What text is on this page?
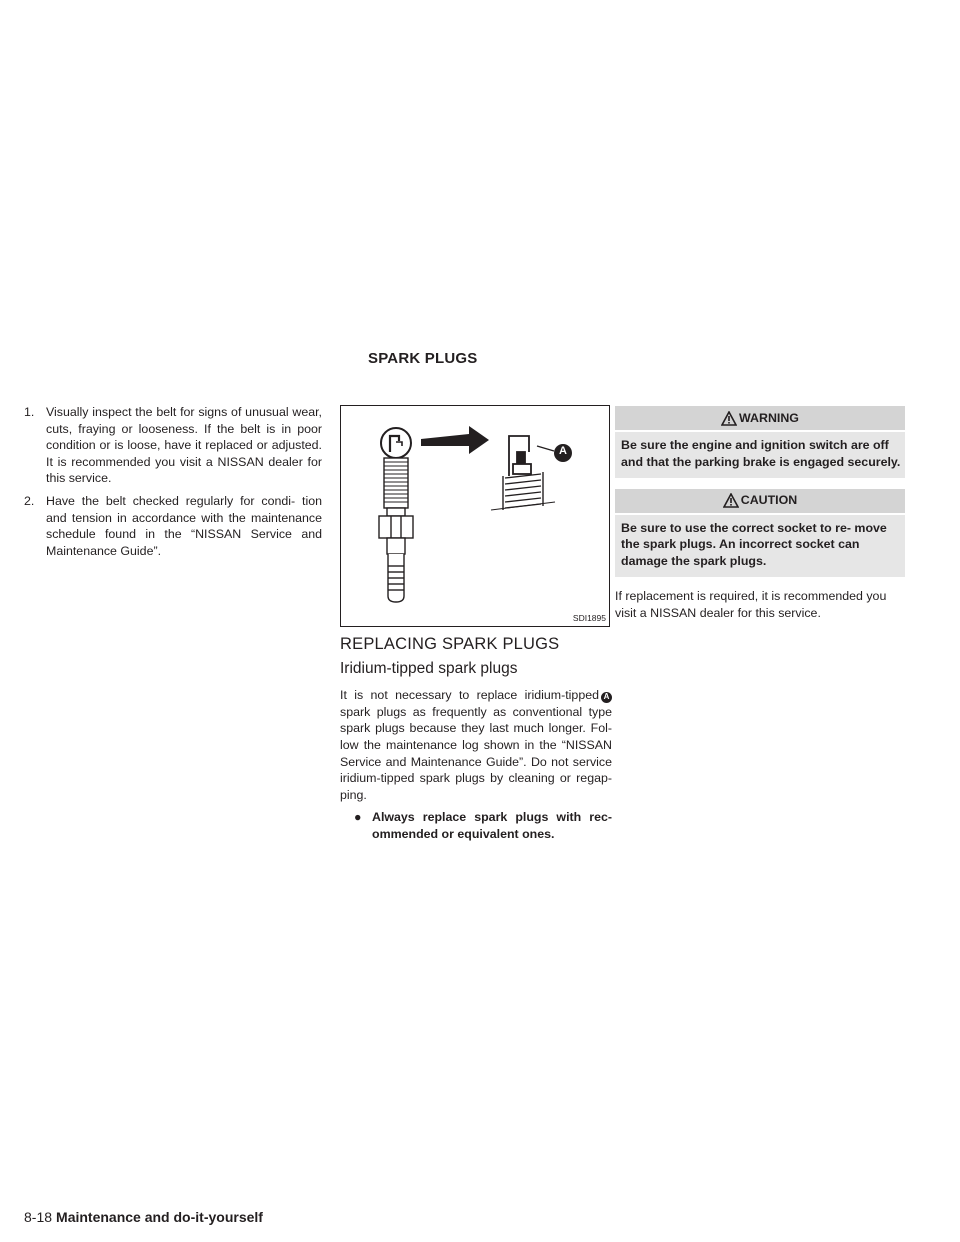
SPARK PLUGS
1. Visually inspect the belt for signs of unusual wear, cuts, fraying or looseness. If the belt is in poor condition or is loose, have it replaced or adjusted. It is recommended you visit a NISSAN dealer for this service.
2. Have the belt checked regularly for condi- tion and tension in accordance with the maintenance schedule found in the “NISSAN Service and Maintenance Guide”.
A
SDI1895
REPLACING SPARK PLUGS
Iridium-tipped spark plugs

It is not necessary to replace iridium-tipped A spark plugs as frequently as conventional type spark plugs because they last much longer. Fol- low the maintenance log shown in the “NISSAN Service and Maintenance Guide”. Do not service iridium-tipped spark plugs by cleaning or regap- ping.

● Always replace spark plugs with rec- ommended or equivalent ones.
WARNING
Be sure the engine and ignition switch are off and that the parking brake is engaged securely.
CAUTION
Be sure to use the correct socket to re- move the spark plugs. An incorrect socket can damage the spark plugs.

If replacement is required, it is recommended you visit a NISSAN dealer for this service.

8-18 Maintenance and do-it-yourself
